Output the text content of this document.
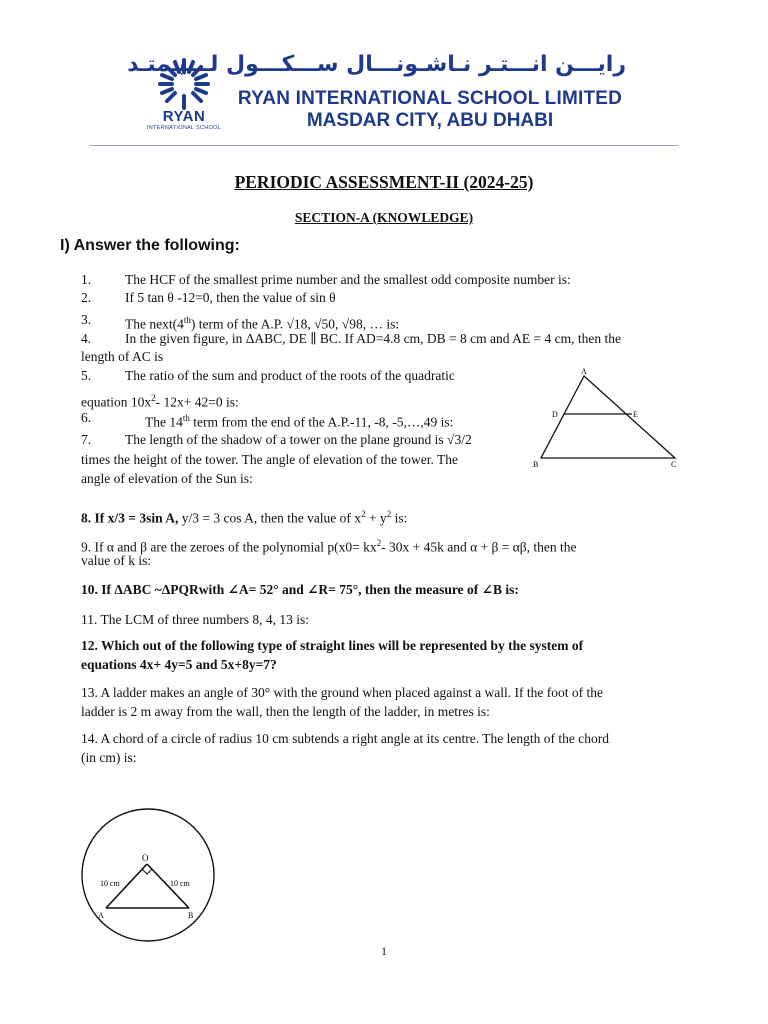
RYAN
INTERNATIONAL SCHOOL
رايـــن انـــتـر نـاشـونـــال ســـكـــول لـــيـمتـد
RYAN INTERNATIONAL SCHOOL LIMITED
MASDAR CITY, ABU DHABI
PERIODIC ASSESSMENT-II (2024-25)
SECTION-A (KNOWLEDGE)
I) Answer the following:
1.	The HCF of the smallest prime number and the smallest odd composite number is:
2.	If 5 tan θ -12=0, then the value of sin θ
3.	The next(4th) term of the A.P. √18, √50, √98, … is:
4.	In the given figure, in ΔABC, DE ∥ BC. If AD=4.8 cm, DB = 8 cm and AE = 4 cm, then the
length of AC is
5.	The ratio of the sum and product of the roots of the quadratic
equation $10x^2-$ 12x+ 42=0 is:
6.	The 14th term from the end of the A.P.-11, -8, -5,…,49 is:
7.	The length of the shadow of a tower on the plane ground is √3/2
times the height of the tower. The angle of elevation of the tower. The
angle of elevation of the Sun is:
A
D	E
B	C
8. If x/3 = 3sin A, y/3 = 3 cos A, then the value of $x^2 + y^2$ is:
9. If α and β are the zeroes of the polynomial $p(x0= kx^2-$ 30x + 45k and α + β = αβ, then the
value of k is:
10. If ΔABC ~ΔPQRwith ∠A= 52° and ∠R= 75°, then the measure of ∠B is:
11. The LCM of three numbers 8, 4, 13 is:
12. Which out of the following type of straight lines will be represented by the system of
equations 4x+ 4y=5 and 5x+8y=7?
13. A ladder makes an angle of 30° with the ground when placed against a wall. If the foot of the
ladder is 2 m away from the wall, then the length of the ladder, in metres is:
14. A chord of a circle of radius 10 cm subtends a right angle at its centre. The length of the chord
(in cm) is:
O
10 cm	10 cm
A	B
1
